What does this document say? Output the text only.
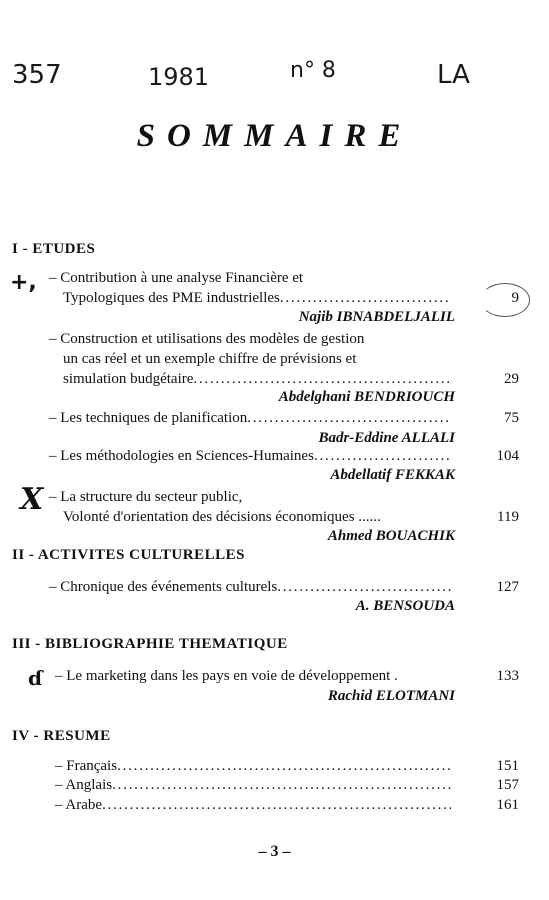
357	1981	n° 8	LA
SOMMAIRE
I - ETUDES
+, – Contribution à une analyse Financière et
Typologiques des PME industrielles . . .	9
Najib IBNABDELJALIL
– Construction et utilisations des modèles de gestion
un cas réel et un exemple chiffre de prévisions et
simulation budgétaire . . .	29
Abdelghani BENDRIOUCH
– Les techniques de planification . . .	75
Badr-Eddine ALLALI
– Les méthodologies en Sciences-Humaines . . .	104
Abdellatif FEKKAK
X – La structure du secteur public,
Volonté d'orientation des décisions économiques ......	119
Ahmed BOUACHIK
II - ACTIVITES CULTURELLES
– Chronique des événements culturels . . .	127
A. BENSOUDA
III - BIBLIOGRAPHIE THEMATIQUE
ɗ – Le marketing dans les pays en voie de développement .	133
Rachid ELOTMANI
IV - RESUME
– Français . . .	151
– Anglais . . .	157
– Arabe . . .	161
– 3 –
